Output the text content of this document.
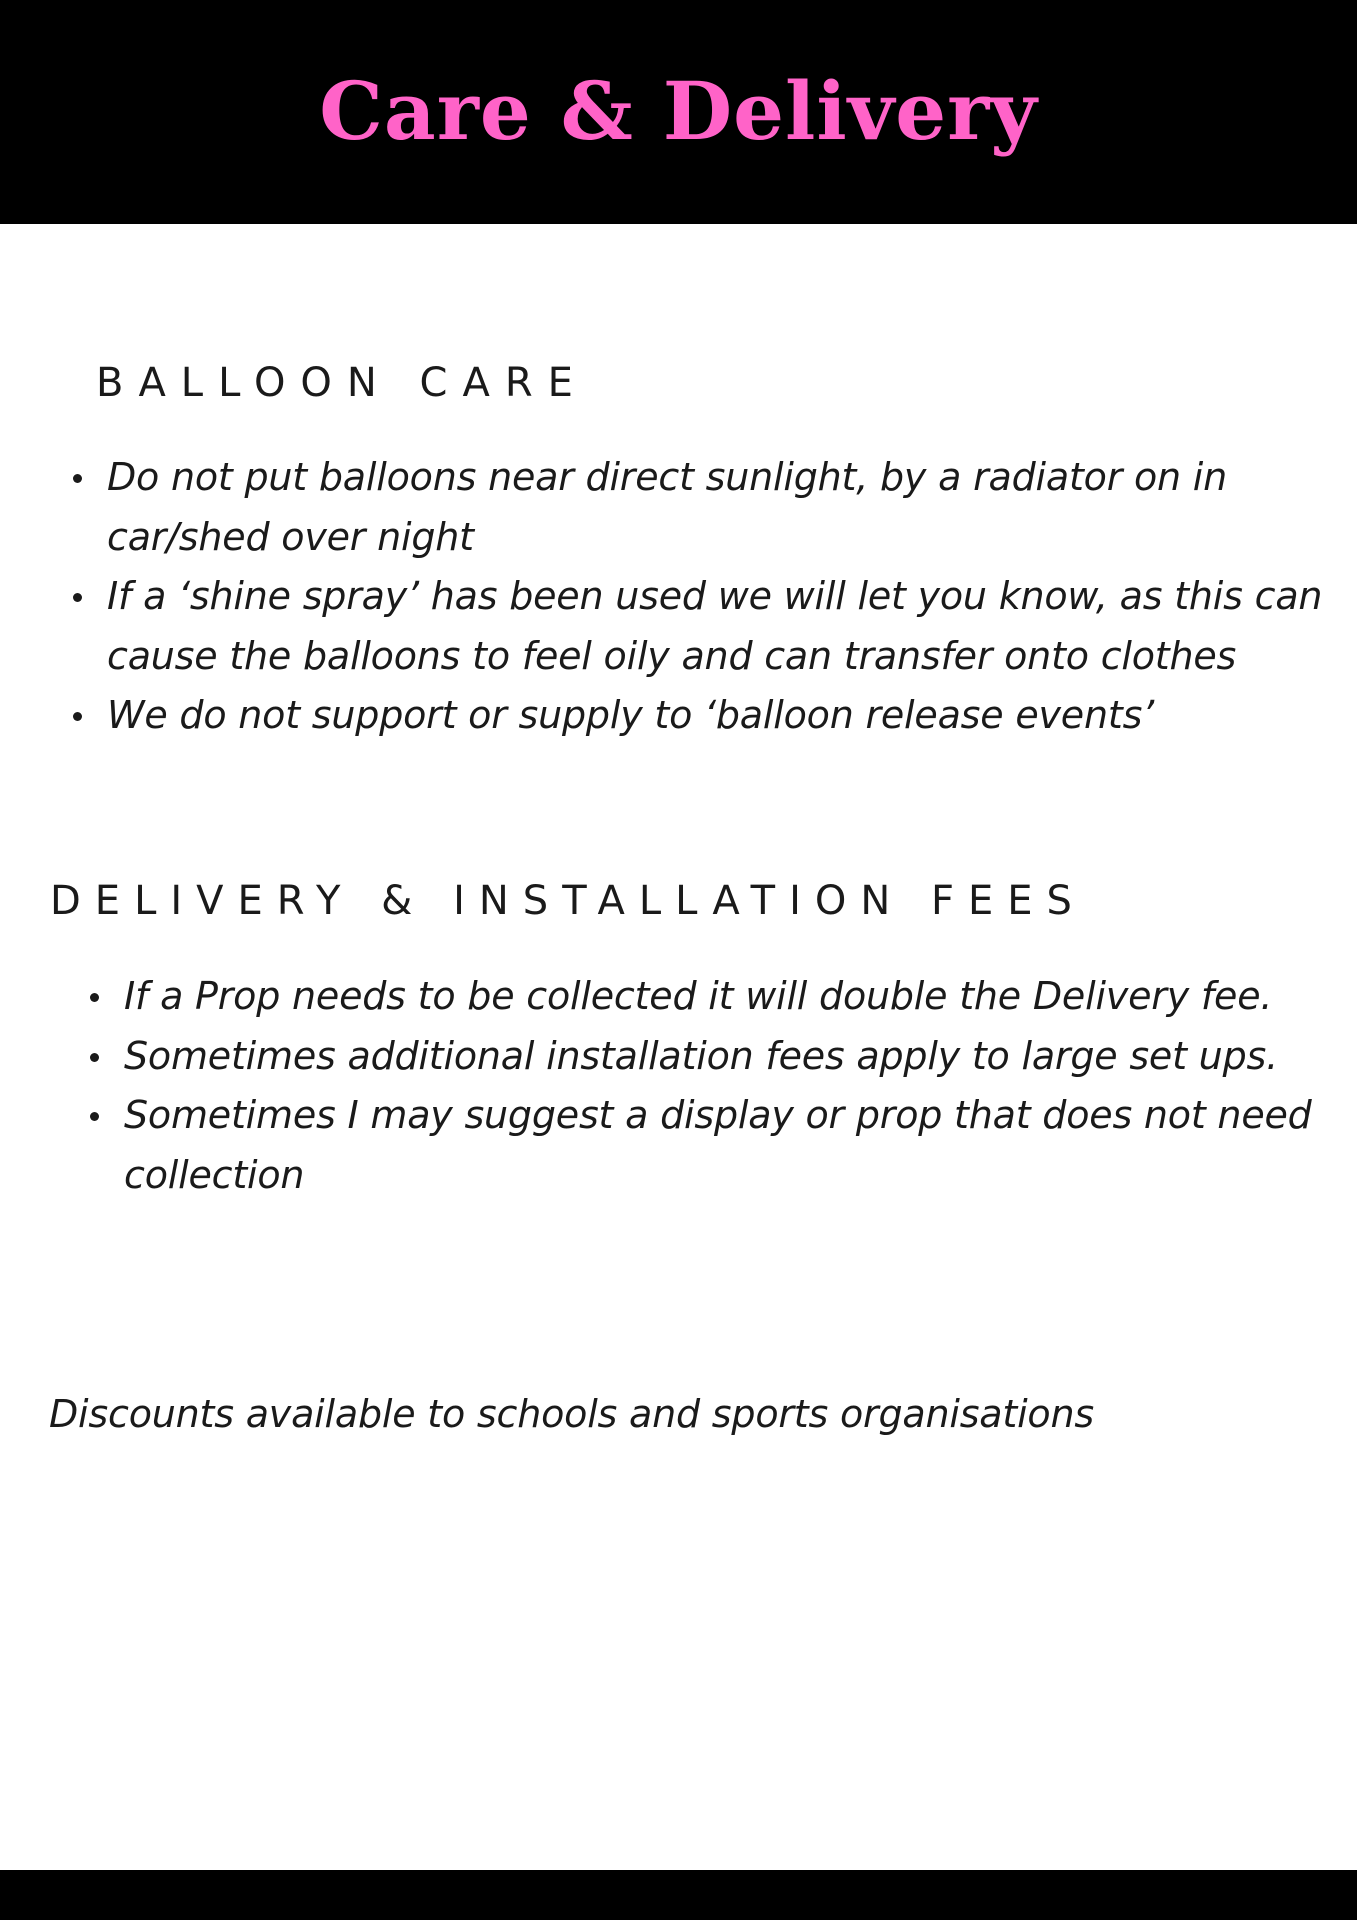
Care & Delivery
BALLOON CARE
Do not put balloons near direct sunlight, by a radiator on in car/shed over night
If a ‘shine spray’ has been used we will let you know, as this can cause the balloons to feel oily and can transfer onto clothes
We do not support or supply to ‘balloon release events’
DELIVERY & INSTALLATION FEES
If a Prop needs to be collected it will double the Delivery fee.
Sometimes additional installation fees apply to large set ups.
Sometimes I may suggest a display or prop that does not need collection

Discounts available to schools and sports organisations
